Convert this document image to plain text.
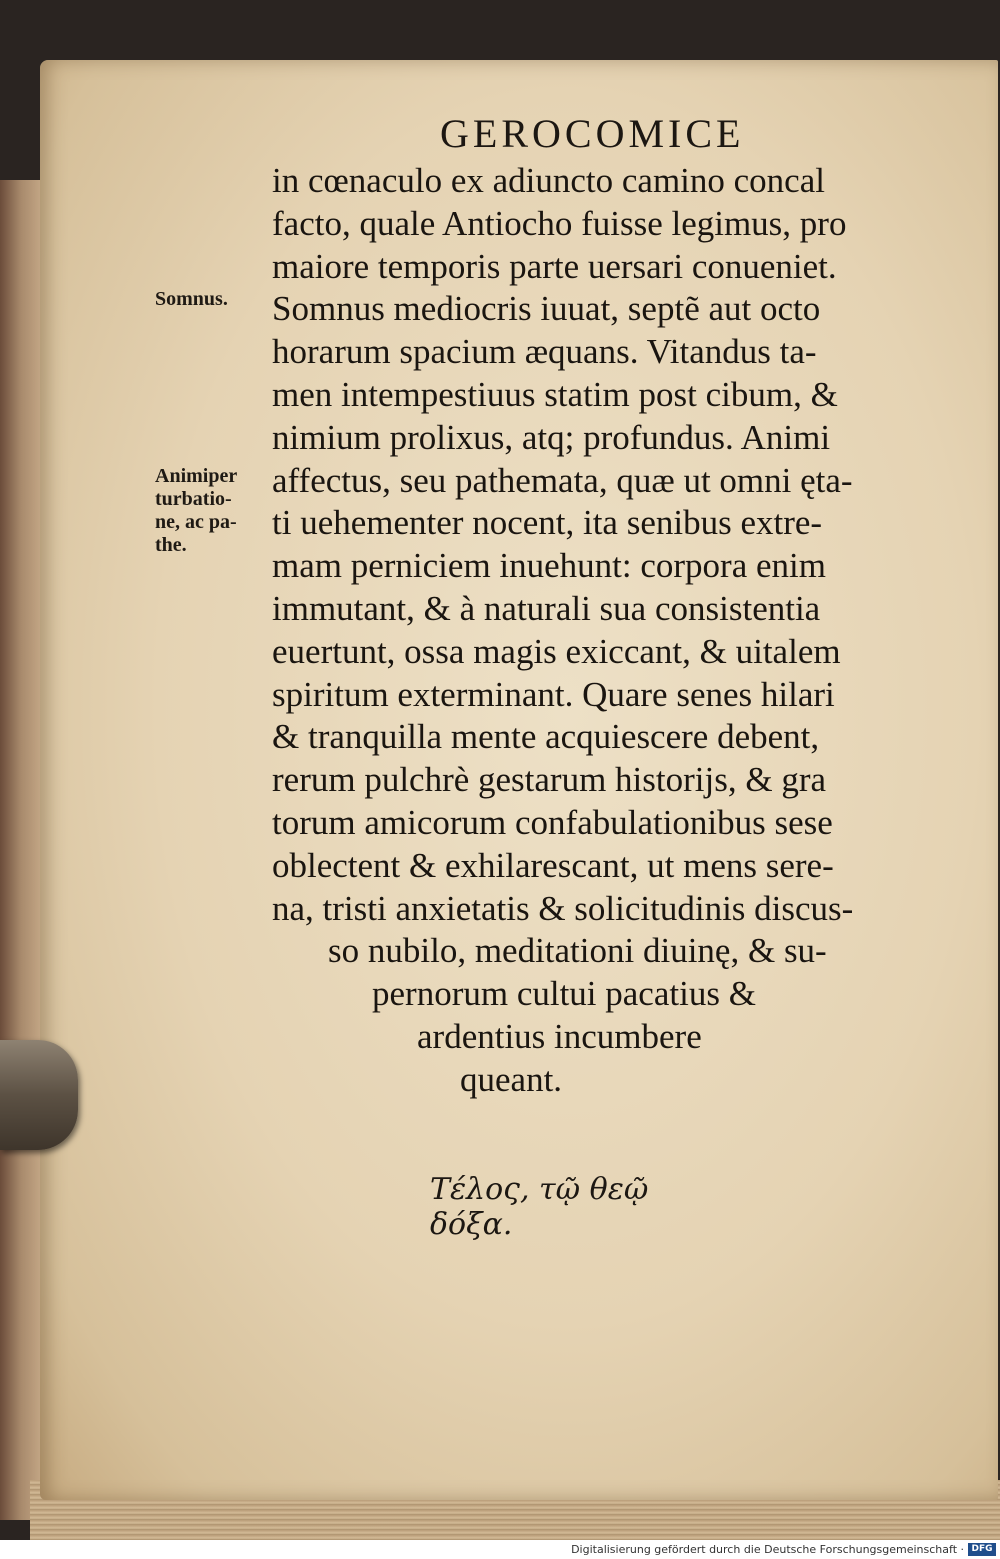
GEROCOMICE
Somnus.
Animiper
turbatio-
ne, ac pa-
the.
in cœnaculo ex adiuncto camino concal
facto, quale Antiocho fuisse legimus, pro
maiore temporis parte uersari conueniet.
Somnus mediocris iuuat, septẽ aut octo
horarum spacium æquans. Vitandus ta-
men intempestiuus statim post cibum, &
nimium prolixus, atq; profundus. Animi
affectus, seu pathemata, quæ ut omni ęta-
ti uehementer nocent, ita senibus extre-
mam perniciem inuehunt: corpora enim
immutant, & à naturali sua consistentia
euertunt, ossa magis exiccant, & uitalem
spiritum exterminant. Quare senes hilari
& tranquilla mente acquiescere debent,
rerum pulchrè gestarum historijs, & gra
torum amicorum confabulationibus sese
oblectent & exhilarescant, ut mens sere-
na, tristi anxietatis & solicitudinis discus-
so nubilo, meditationi diuinę, & su-
pernorum cultui pacatius &
ardentius incumbere
queant.
Τέλος, τῷ θεῷ δόξα.
Digitalisierung gefördert durch die Deutsche Forschungsgemeinschaft · DFG
